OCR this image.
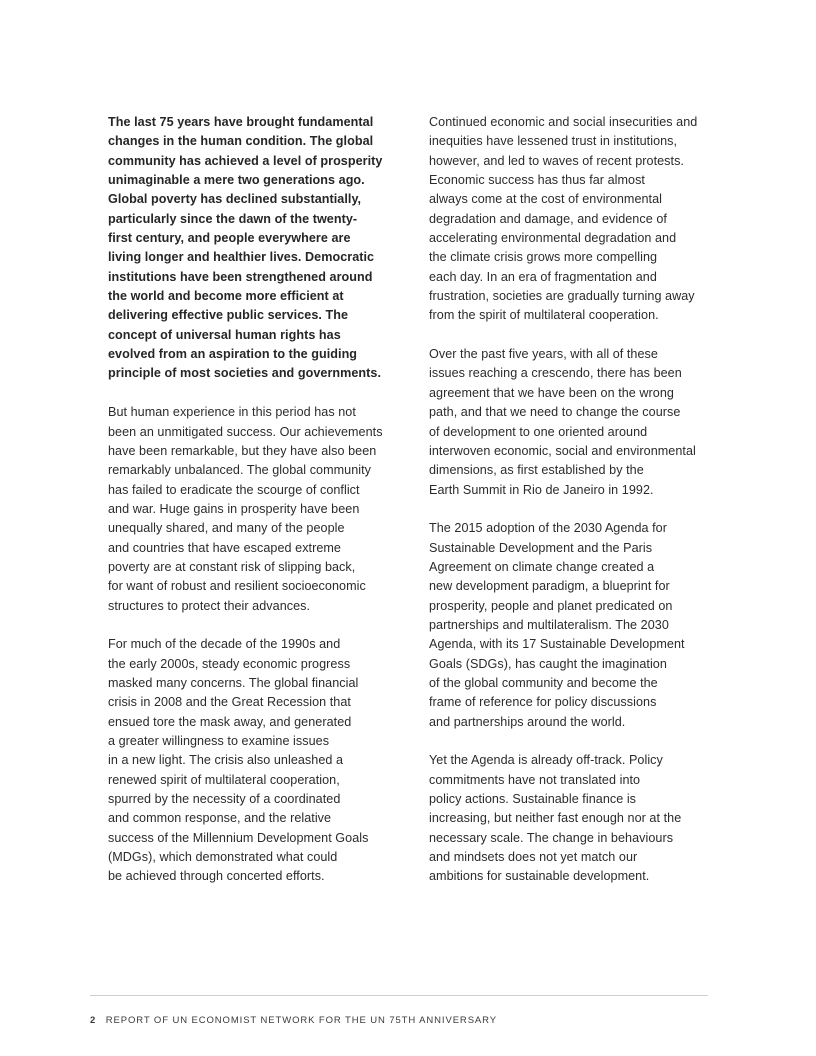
The last 75 years have brought fundamental
changes in the human condition. The global
community has achieved a level of prosperity
unimaginable a mere two generations ago.
Global poverty has declined substantially,
particularly since the dawn of the twenty-
first century, and people everywhere are
living longer and healthier lives. Democratic
institutions have been strengthened around
the world and become more efficient at
delivering effective public services. The
concept of universal human rights has
evolved from an aspiration to the guiding
principle of most societies and governments.
But human experience in this period has not
been an unmitigated success. Our achievements
have been remarkable, but they have also been
remarkably unbalanced. The global community
has failed to eradicate the scourge of conflict
and war. Huge gains in prosperity have been
unequally shared, and many of the people
and countries that have escaped extreme
poverty are at constant risk of slipping back,
for want of robust and resilient socioeconomic
structures to protect their advances.
For much of the decade of the 1990s and
the early 2000s, steady economic progress
masked many concerns. The global financial
crisis in 2008 and the Great Recession that
ensued tore the mask away, and generated
a greater willingness to examine issues
in a new light. The crisis also unleashed a
renewed spirit of multilateral cooperation,
spurred by the necessity of a coordinated
and common response, and the relative
success of the Millennium Development Goals
(MDGs), which demonstrated what could
be achieved through concerted efforts.
Continued economic and social insecurities and
inequities have lessened trust in institutions,
however, and led to waves of recent protests.
Economic success has thus far almost
always come at the cost of environmental
degradation and damage, and evidence of
accelerating environmental degradation and
the climate crisis grows more compelling
each day. In an era of fragmentation and
frustration, societies are gradually turning away
from the spirit of multilateral cooperation.
Over the past five years, with all of these
issues reaching a crescendo, there has been
agreement that we have been on the wrong
path, and that we need to change the course
of development to one oriented around
interwoven economic, social and environmental
dimensions, as first established by the
Earth Summit in Rio de Janeiro in 1992.
The 2015 adoption of the 2030 Agenda for
Sustainable Development and the Paris
Agreement on climate change created a
new development paradigm, a blueprint for
prosperity, people and planet predicated on
partnerships and multilateralism. The 2030
Agenda, with its 17 Sustainable Development
Goals (SDGs), has caught the imagination
of the global community and become the
frame of reference for policy discussions
and partnerships around the world.
Yet the Agenda is already off-track. Policy
commitments have not translated into
policy actions. Sustainable finance is
increasing, but neither fast enough nor at the
necessary scale. The change in behaviours
and mindsets does not yet match our
ambitions for sustainable development.
2 REPORT OF UN ECONOMIST NETWORK FOR THE UN 75TH ANNIVERSARY
